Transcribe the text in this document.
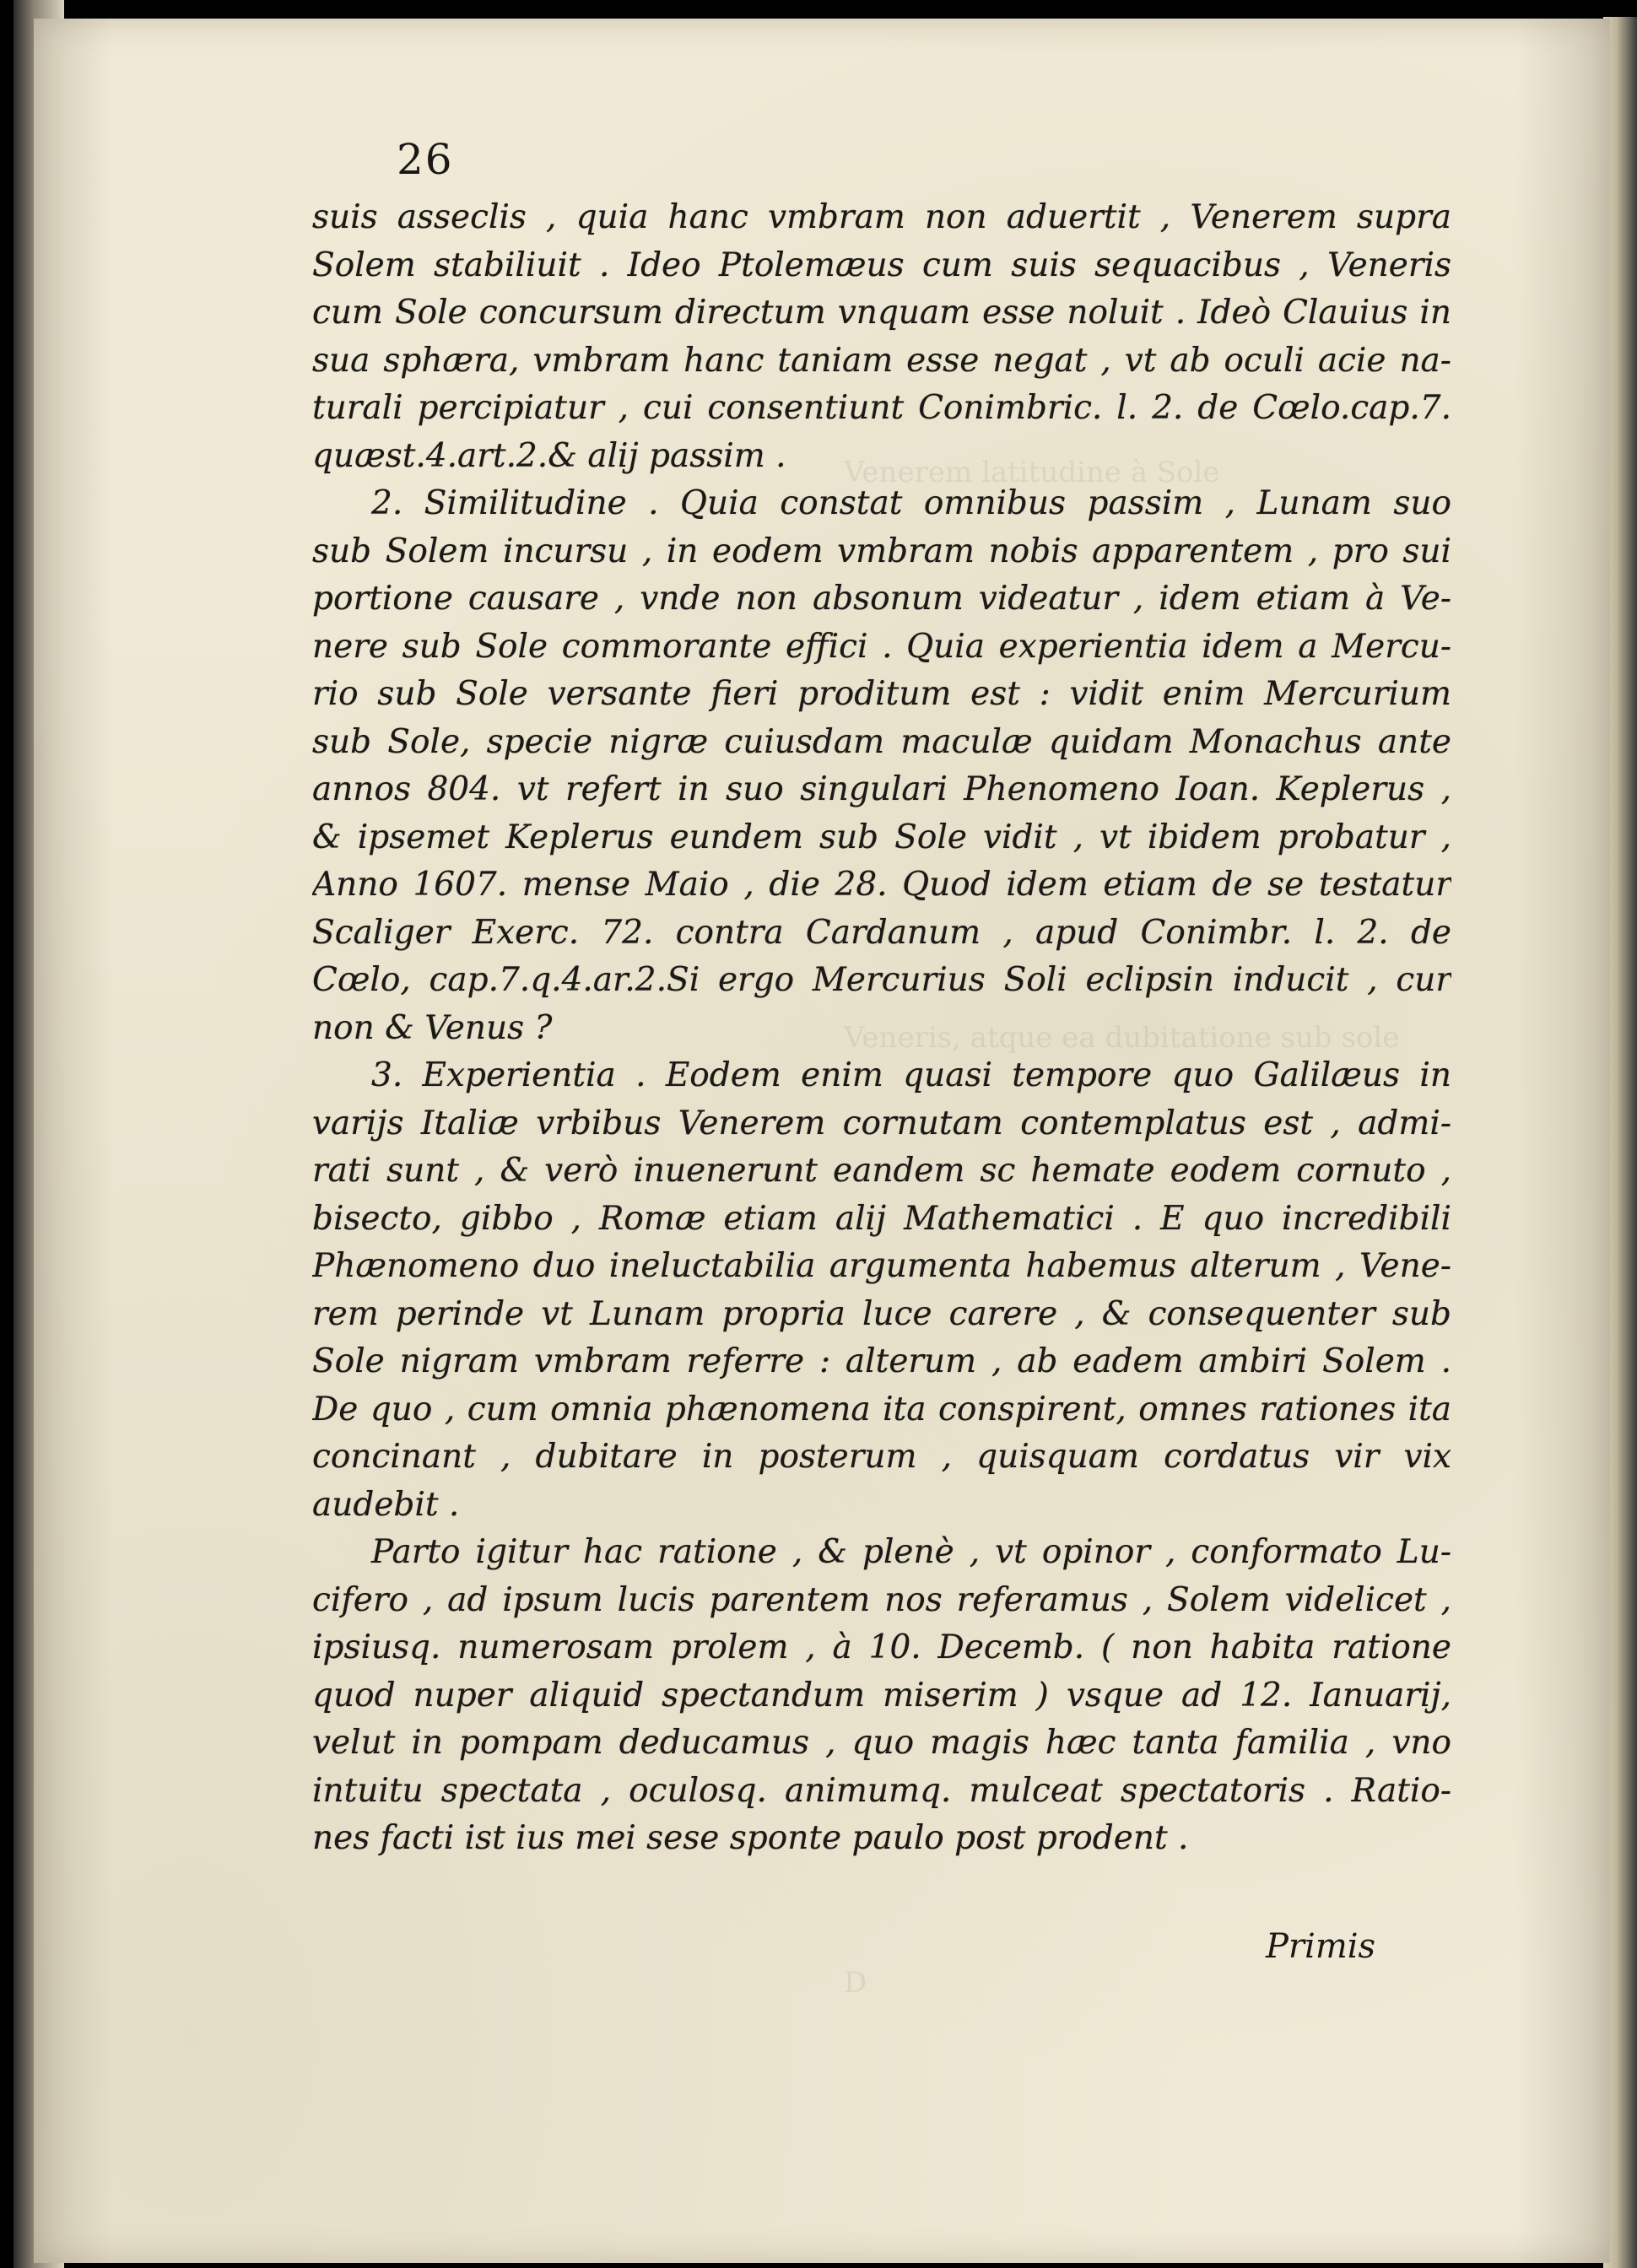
Venerem latitudine à Sole
Veneris, atque ea dubitatione sub sole
D
26
suis asseclis , quia hanc vmbram non aduertit , Venerem supra
Solem stabiliuit . Ideo Ptolemæus cum suis sequacibus , Veneris
cum Sole concursum directum vnquam esse noluit . Ideò Clauius in
sua sphæra, vmbram hanc taniam esse negat , vt ab oculi acie na-
turali percipiatur , cui consentiunt Conimbric. l. 2. de Cœlo.cap.7.
quæst.4.art.2.& alij passim .
2. Similitudine . Quia constat omnibus passim , Lunam suo
sub Solem incursu , in eodem vmbram nobis apparentem , pro sui
portione causare , vnde non absonum videatur , idem etiam à Ve-
nere sub Sole commorante effici . Quia experientia idem a Mercu-
rio sub Sole versante fieri proditum est : vidit enim Mercurium
sub Sole, specie nigræ cuiusdam maculæ quidam Monachus ante
annos 804. vt refert in suo singulari Phenomeno Ioan. Keplerus ,
& ipsemet Keplerus eundem sub Sole vidit , vt ibidem probatur ,
Anno 1607. mense Maio , die 28. Quod idem etiam de se testatur
Scaliger Exerc. 72. contra Cardanum , apud Conimbr. l. 2. de
Cœlo, cap.7.q.4.ar.2.Si ergo Mercurius Soli eclipsin inducit , cur
non & Venus ?
3. Experientia . Eodem enim quasi tempore quo Galilæus in
varijs Italiæ vrbibus Venerem cornutam contemplatus est , admi-
rati sunt , & verò inuenerunt eandem sc hemate eodem cornuto ,
bisecto, gibbo , Romæ etiam alij Mathematici . E quo incredibili
Phænomeno duo ineluctabilia argumenta habemus alterum , Vene-
rem perinde vt Lunam propria luce carere , & consequenter sub
Sole nigram vmbram referre : alterum , ab eadem ambiri Solem .
De quo , cum omnia phænomena ita conspirent, omnes rationes ita
concinant , dubitare in posterum , quisquam cordatus vir vix
audebit .
Parto igitur hac ratione , & plenè , vt opinor , conformato Lu-
cifero , ad ipsum lucis parentem nos referamus , Solem videlicet ,
ipsiusq. numerosam prolem , à 10. Decemb. ( non habita ratione
quod nuper aliquid spectandum miserim ) vsque ad 12. Ianuarij,
velut in pompam deducamus , quo magis hæc tanta familia , vno
intuitu spectata , oculosq. animumq. mulceat spectatoris . Ratio-
nes facti ist ius mei sese sponte paulo post prodent .
Primis
